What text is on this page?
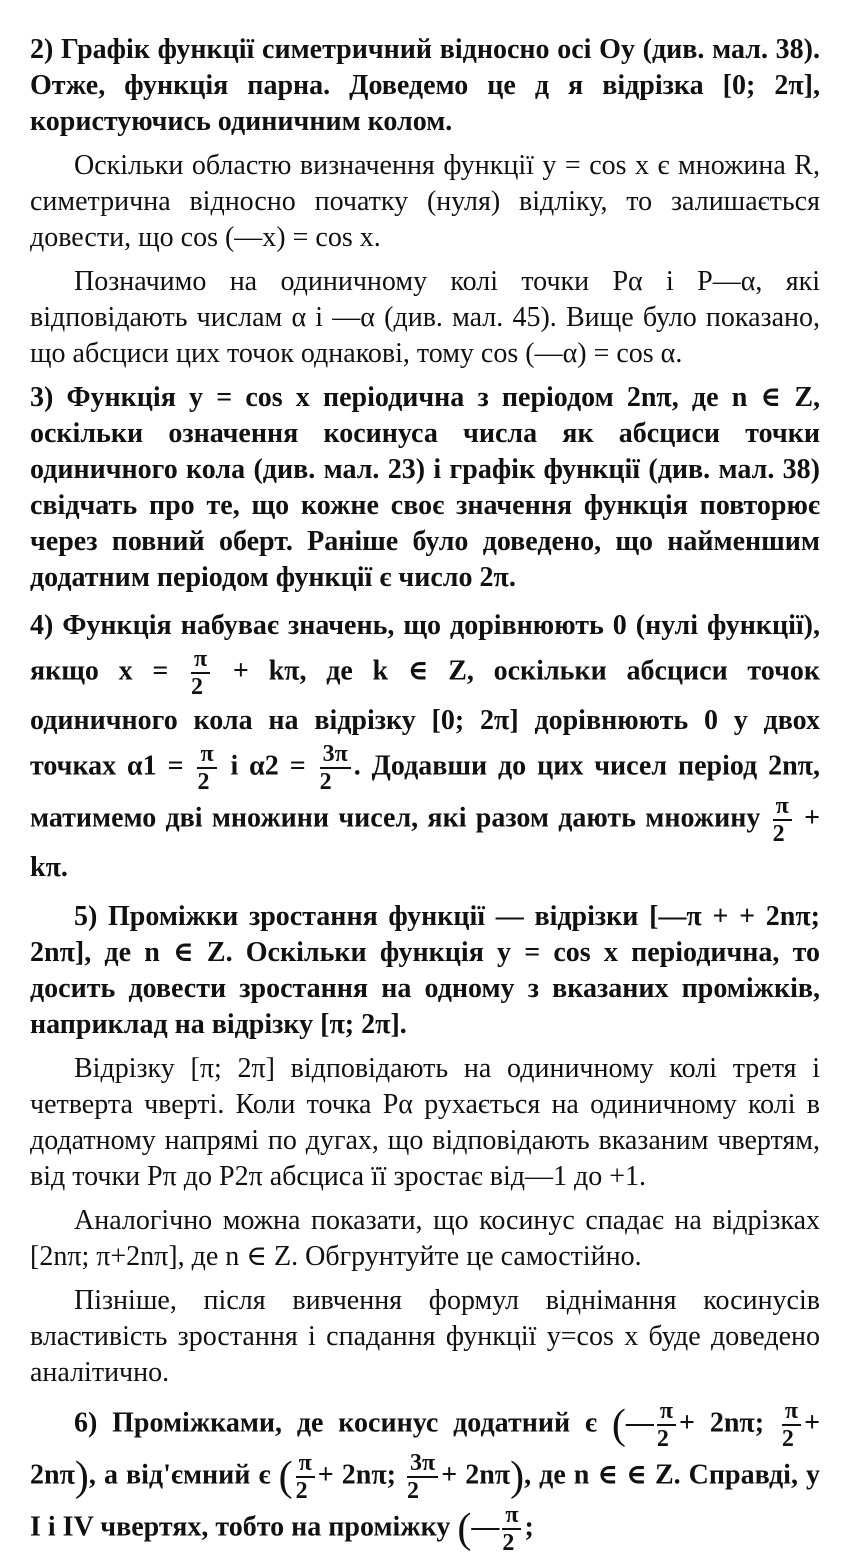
2) Графік функції симетричний відносно осі Oy (див. мал. 38). Отже, функція парна. Доведемо це д я відрізка [0; 2π], користуючись одиничним колом.

Оскільки областю визначення функції y = cos x є множина R, симетрична відносно початку (нуля) відліку, то залишається довести, що cos (—x) = cos x.

Позначимо на одиничному колі точки Pα і P—α, які відповідають числам α і —α (див. мал. 45). Вище було показано, що абсциси цих точок однакові, тому cos (—α) = cos α.

3) Функція y = cos x періодична з періодом 2nπ, де n ∈ Z, оскільки означення косинуса числа як абсциси точки одиничного кола (див. мал. 23) і графік функції (див. мал. 38) свідчать про те, що кожне своє значення функція повторює через повний оберт. Раніше було доведено, що найменшим додатним періодом функції є число 2π.

4) Функція набуває значень, що дорівнюють 0 (нулі функції), якщо $x = \frac{\pi}{2} + k\pi$, де k ∈ Z, оскільки абсциси точок одиничного кола на відрізку [0; 2π] дорівнюють 0 у двох точках $\alpha 1 = \frac{\pi}{2}$ і $\alpha 2 = \frac{3\pi}{2}$ . Додавши до цих чисел період 2nπ, матимемо дві множини чисел, які разом дають множину $\frac{\pi}{2} + k\pi$.

5) Проміжки зростання функції — відрізки [—π + + 2nπ; 2nπ], де n ∈ Z. Оскільки функція y = cos x періодична, то досить довести зростання на одному з вказаних проміжків, наприклад на відрізку [π; 2π].

Відрізку [π; 2π] відповідають на одиничному колі третя і четверта чверті. Коли точка Pα рухається на одиничному колі в додатному напрямі по дугах, що відповідають вказаним чвертям, від точки Pπ до P2π абсциса її зростає від—1 до +1.

Аналогічно можна показати, що косинус спадає на відрізках [2nπ; π+2nπ], де n ∈ Z. Обгрунтуйте це самостійно.

Пізніше, після вивчення формул віднімання косинусів властивість зростання і спадання функції y=cos x буде доведено аналітично.

6) Проміжками, де косинус додатний є (— $\frac{\pi}{2} + 2n\pi$; $\frac{\pi}{2} + 2n\pi$), а від'ємний є ( $\frac{\pi}{2} + 2n\pi$; $\frac{3\pi}{2} + 2n\pi$), де n ∈ ∈ Z. Справді, у I і IV чвертях, тобто на проміжку (— $\frac{\pi}{2}$ ;
